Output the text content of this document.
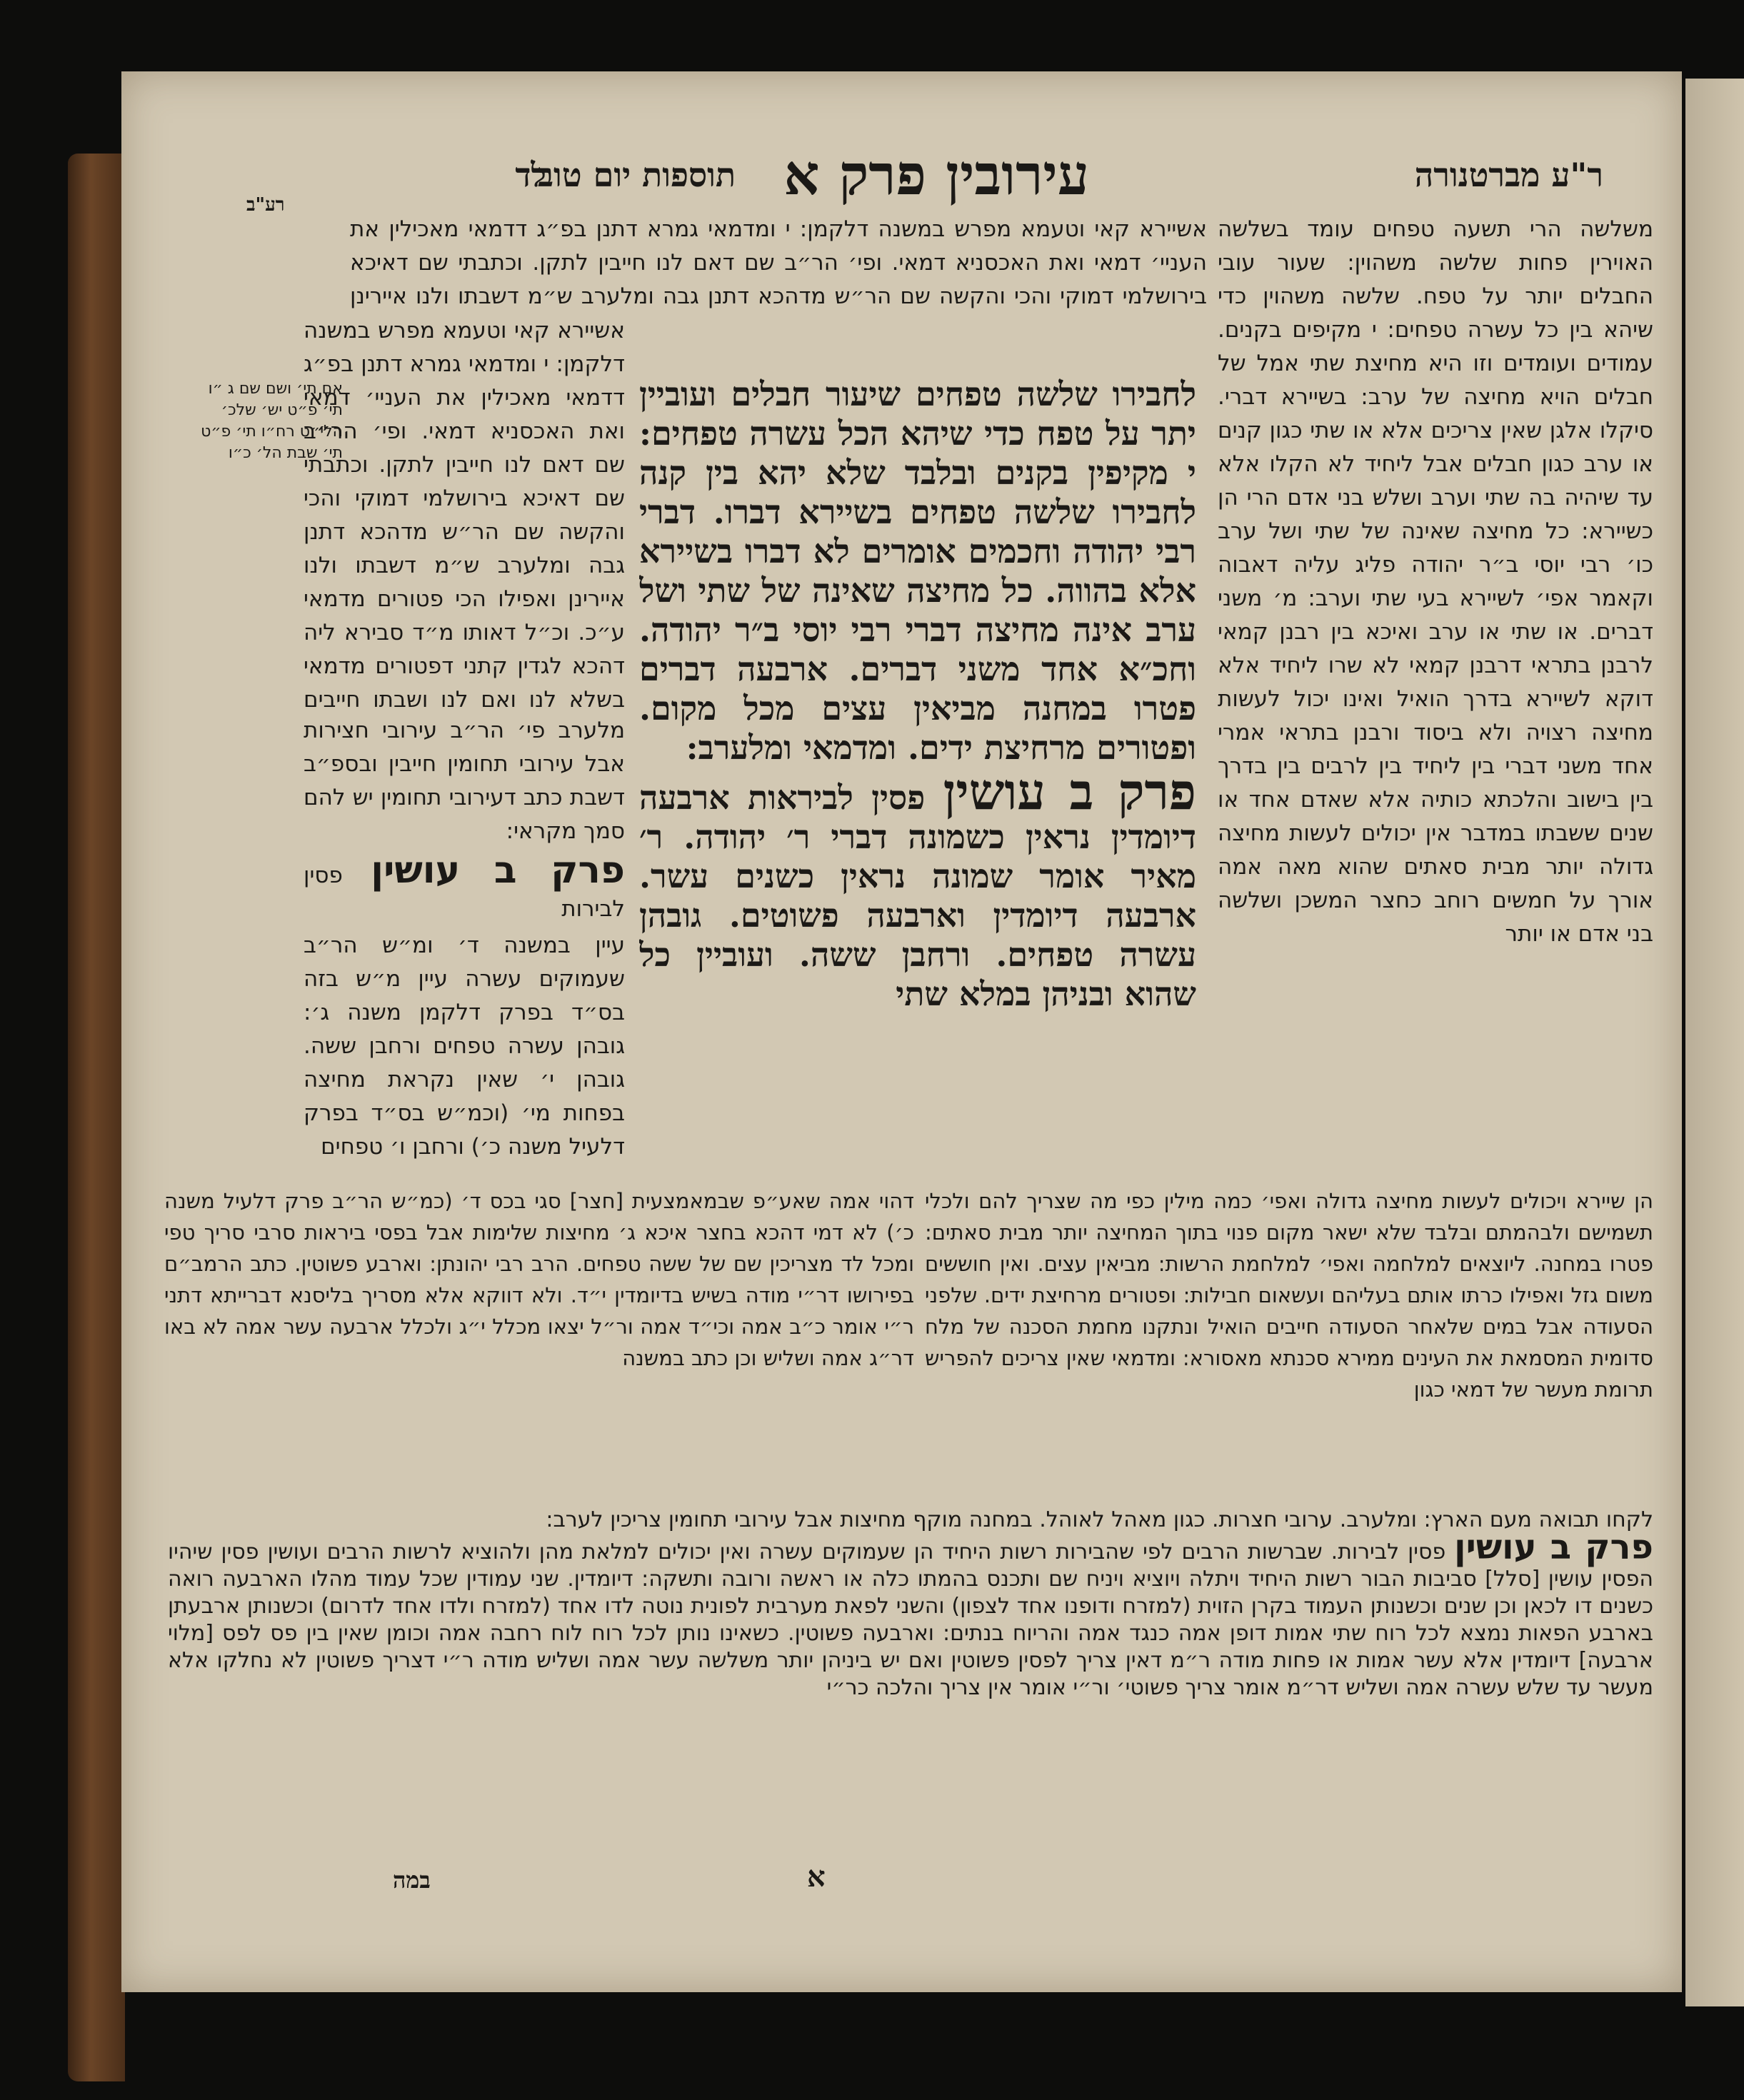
ר"ע מברטנורה
עירובין פרק א
תוספות יום טוב
לד
רע"ב

משלשה הרי תשעה טפחים עומד בשלשה האוירין פחות שלשה משהוין: שעור עובי החבלים יותר על טפח. שלשה משהוין כדי שיהא בין כל עשרה טפחים: י מקיפים בקנים. עמודים ועומדים וזו היא מחיצת שתי אמל של חבלים הויא מחיצה של ערב: בשיירא דברי. סיקלו אלגן שאין צריכים אלא או שתי כגון קנים או ערב כגון חבלים אבל ליחיד לא הקלו אלא עד שיהיה בה שתי וערב ושלש בני אדם הרי הן כשיירא: כל מחיצה שאינה של שתי ושל ערב כו׳ רבי יוסי ב״ר יהודה פליג עליה דאבוה וקאמר אפי׳ לשיירא בעי שתי וערב: מ׳ משני דברים. או שתי או ערב ואיכא בין רבנן קמאי לרבנן בתראי דרבנן קמאי לא שרו ליחיד אלא דוקא לשיירא בדרך הואיל ואינו יכול לעשות מחיצה רצויה ולא ביסוד ורבנן בתראי אמרי אחד משני דברי בין ליחיד בין לרבים בין בדרך בין בישוב והלכתא כותיה אלא שאדם אחד או שנים ששבתו במדבר אין יכולים לעשות מחיצה גדולה יותר מבית סאתים שהוא מאה אמה אורך על חמשים רוחב כחצר המשכן ושלשה בני אדם או יותר

אשיירא קאי וטעמא מפרש במשנה דלקמן: י ומדמאי גמרא דתנן בפ״ג דדמאי מאכילין את העניי׳ דמאי ואת האכסניא דמאי. ופי׳ הר״ב שם דאם לנו חייבין לתקן. וכתבתי שם דאיכא בירושלמי דמוקי והכי והקשה שם הר״ש מדהכא דתנן גבה ומלערב ש״מ דשבתו ולנו איירינן

לחבירו שלשה טפחים שיעור חבלים ועוביין יתר על טפח כדי שיהא הכל עשרה טפחים: י מקיפין בקנים ובלבד שלא יהא בין קנה לחבירו שלשה טפחים בשיירא דברו. דברי רבי יהודה וחכמים אומרים לא דברו בשיירא אלא בהווה. כל מחיצה שאינה של שתי ושל ערב אינה מחיצה דברי רבי יוסי ב״ר יהודה. וחכ״א אחד משני דברים. ארבעה דברים פטרו במחנה מביאין עצים מכל מקום. ופטורים מרחיצת ידים. ומדמאי ומלערב:

פרק ב עושין פסין לביראות ארבעה דיומדין נראין כשמונה דברי ר׳ יהודה. ר׳ מאיר אומר שמונה נראין כשנים עשר. ארבעה דיומדין וארבעה פשוטים. גובהן עשרה טפחים. ורחבן ששה. ועוביין כל שהוא ובניהן במלא שתי

אשיירא קאי וטעמא מפרש במשנה דלקמן: י ומדמאי גמרא דתנן בפ״ג דדמאי מאכילין את העניי׳ דמאי ואת האכסניא דמאי. ופי׳ הר״ב שם דאם לנו חייבין לתקן. וכתבתי שם דאיכא בירושלמי דמוקי והכי והקשה שם הר״ש מדהכא דתנן גבה ומלערב ש״מ דשבתו ולנו איירינן ואפילו הכי פטורים מדמאי ע״כ. וכ״ל דאותו מ״ד סבירא ליה דהכא לגדין קתני דפטורים מדמאי בשלא לנו ואם לנו ושבתו חייבים

מלערב פי׳ הר״ב עירובי חצירות אבל עירובי תחומין חייבין ובספ״ב דשבת כתב דעירובי תחומין יש להם סמך מקראי:

פרק ב עושין פסין לבירות

עיין במשנה ד׳ ומ״ש הר״ב שעמוקים עשרה עיין מ״ש בזה בס״ד בפרק דלקמן משנה ג׳: גובהן עשרה טפחים ורחבן ששה. גובהן י׳ שאין נקראת מחיצה בפחות מי׳ (וכמ״ש בס״ד בפרק דלעיל משנה כ׳) ורחבן ו׳ טפחים

אם תי׳ ושם שם ג ״ו תי׳ פ״ט יש׳ שלכ׳ הלי״ט רח״ו תי׳ פ״ט תי׳ שבת הל׳ כ״ו

הן שיירא ויכולים לעשות מחיצה גדולה ואפי׳ כמה מילין כפי מה שצריך להם ולכלי תשמישם ולבהמתם ובלבד שלא ישאר מקום פנוי בתוך המחיצה יותר מבית סאתים: פטרו במחנה. ליוצאים למלחמה ואפי׳ למלחמת הרשות: מביאין עצים. ואין חוששים משום גזל ואפילו כרתו אותם בעליהם ועשאום חבילות: ופטורים מרחיצת ידים. שלפני הסעודה אבל במים שלאחר הסעודה חייבים הואיל ונתקנו מחמת הסכנה של מלח סדומית המסמאת את העינים ממירא סכנתא מאסורא: ומדמאי שאין צריכים להפריש תרומת מעשר של דמאי כגון

דהוי אמה שאע״פ שבמאמצעית [חצר] סגי בכס ד׳ (כמ״ש הר״ב פרק דלעיל משנה כ׳) לא דמי דהכא בחצר איכא ג׳ מחיצות שלימות אבל בפסי ביראות סרבי סריך טפי ומכל לד מצריכין שם של ששה טפחים. הרב רבי יהונתן: וארבע פשוטין. כתב הרמב״ם בפירושו דר״י מודה בשיש בדיומדין י״ד. ולא דווקא אלא מסריך בליסנא דברייתא דתני ר״י אומר כ״ב אמה וכי״ד אמה ור״ל יצאו מכלל י״ג ולכלל ארבעה עשר אמה לא באו דר״ג אמה ושליש וכן כתב במשנה

לקחו תבואה מעם הארץ: ומלערב. ערובי חצרות. כגון מאהל לאוהל. במחנה מוקף מחיצות אבל עירובי תחומין צריכין לערב:

פרק ב עושין פסין לבירות. שברשות הרבים לפי שהבירות רשות היחיד הן שעמוקים עשרה ואין יכולים למלאת מהן ולהוציא לרשות הרבים ועושין פסין שיהיו הפסין עושין [סלל] סביבות הבור רשות היחיד ויתלה ויוציא ויניח שם ותכנס בהמתו כלה או ראשה ורובה ותשקה: דיומדין. שני עמודין שכל עמוד מהלו הארבעה רואה כשנים דו לכאן וכן שנים וכשנותן העמוד בקרן הזוית (למזרח ודופנו אחד לצפון) והשני לפאת מערבית לפונית נוטה לדו אחד (למזרח ולדו אחד לדרום) וכשנותן ארבעתן בארבע הפאות נמצא לכל רוח שתי אמות דופן אמה כנגד אמה והריוח בנתים: וארבעה פשוטין. כשאינו נותן לכל רוח לוח רחבה אמה וכומן שאין בין פס לפס [מלוי ארבעה] דיומדין אלא עשר אמות או פחות מודה ר״מ דאין צריך לפסין פשוטין ואם יש ביניהן יותר משלשה עשר אמה ושליש מודה ר״י דצריך פשוטין לא נחלקו אלא מעשר עד שלש עשרה אמה ושליש דר״מ אומר צריך פשוטי׳ ור״י אומר אין צריך והלכה כר״י

במה	א
